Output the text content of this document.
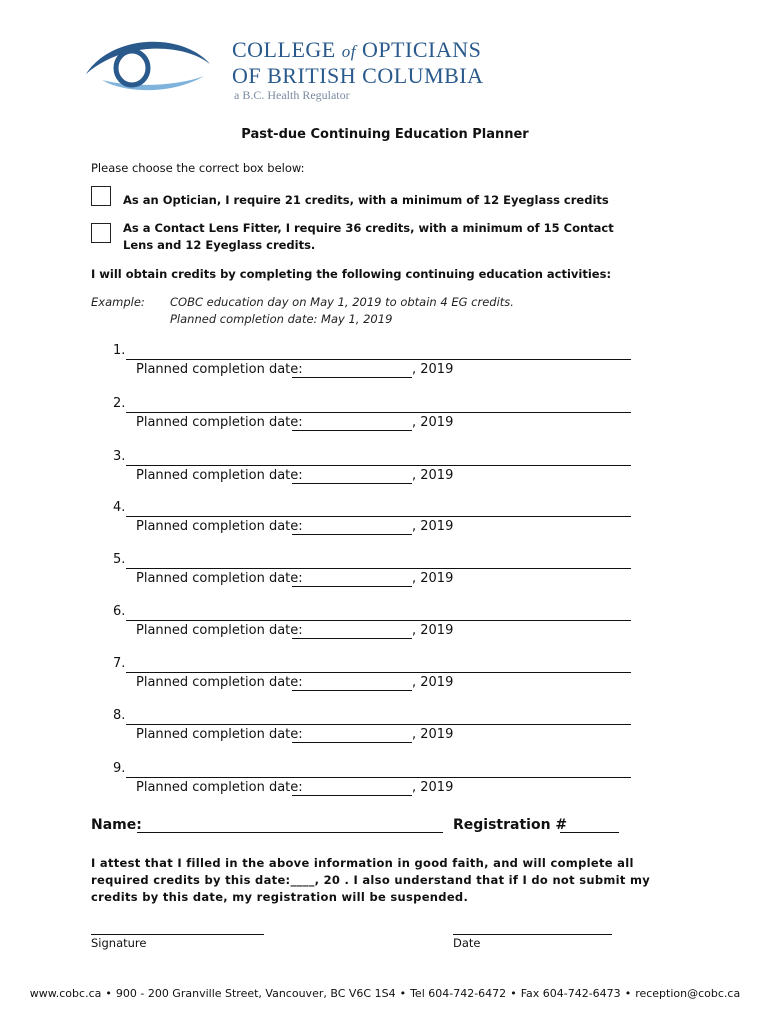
COLLEGE of OPTICIANS
OF BRITISH COLUMBIA
a B.C. Health Regulator
Past-due Continuing Education Planner
Please choose the correct box below:
As an Optician, I require 21 credits, with a minimum of 12 Eyeglass credits
As a Contact Lens Fitter, I require 36 credits, with a minimum of 15 Contact Lens and 12 Eyeglass credits.
I will obtain credits by completing the following continuing education activities:
Example: COBC education day on May 1, 2019 to obtain 4 EG credits.
Planned completion date: May 1, 2019
1.
Planned completion date:	, 2019
2.
Planned completion date:	, 2019
3.
Planned completion date:	, 2019
4.
Planned completion date:	, 2019
5.
Planned completion date:	, 2019
6.
Planned completion date:	, 2019
7.
Planned completion date:	, 2019
8.
Planned completion date:	, 2019
9.
Planned completion date:	, 2019
Name:	Registration #
I attest that I filled in the above information in good faith, and will complete all required credits by this date:____, 20 . I also understand that if I do not submit my credits by this date, my registration will be suspended.
Signature	Date
www.cobc.ca • 900 - 200 Granville Street, Vancouver, BC V6C 1S4 • Tel 604-742-6472 • Fax 604-742-6473 • reception@cobc.ca
